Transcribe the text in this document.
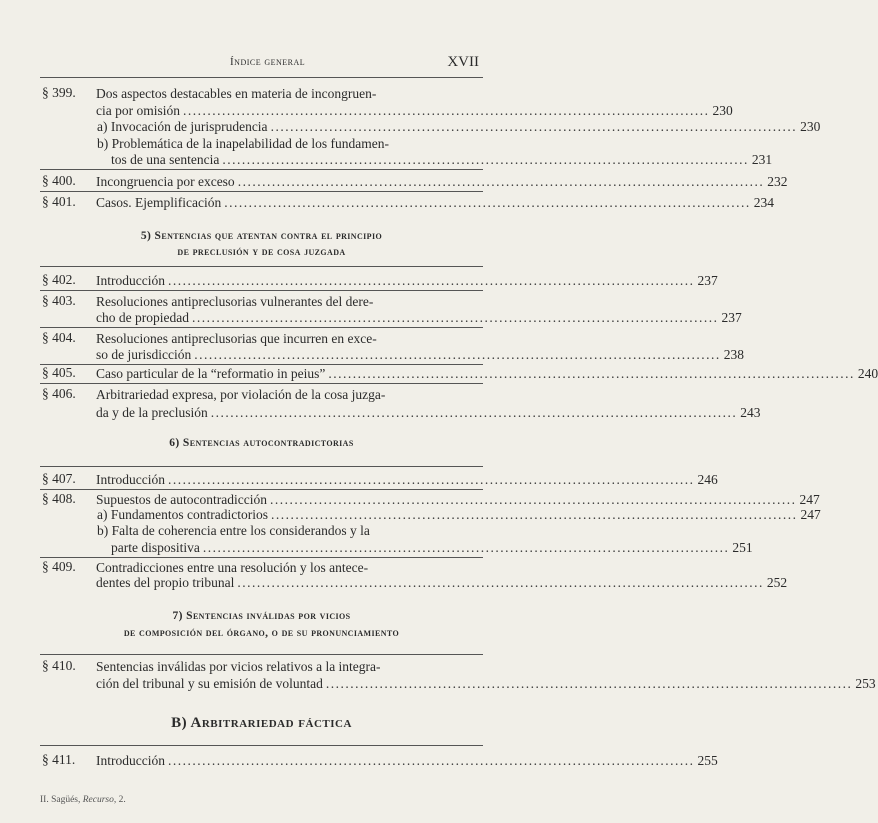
Índice general	XVII
§ 399.	Dos aspectos destacables en materia de incongruen-
cia por omisión ............................................................................................................ 230
a) Invocación de jurisprudencia ............................................................................................................ 230
b) Problemática de la inapelabilidad de los fundamen-
tos de una sentencia ............................................................................................................ 231
§ 400.	Incongruencia por exceso ............................................................................................................ 232
§ 401.	Casos. Ejemplificación ............................................................................................................ 234
5) Sentencias que atentan contra el principio
de preclusión y de cosa juzgada
§ 402.	Introducción ............................................................................................................ 237
§ 403.	Resoluciones antipreclusorias vulnerantes del dere-
cho de propiedad ............................................................................................................ 237
§ 404.	Resoluciones antipreclusorias que incurren en exce-
so de jurisdicción ............................................................................................................ 238
§ 405.	Caso particular de la “reformatio in peius” ............................................................................................................ 240
§ 406.	Arbitrariedad expresa, por violación de la cosa juzga-
da y de la preclusión ............................................................................................................ 243
6) Sentencias autocontradictorias
§ 407.	Introducción ............................................................................................................ 246
§ 408.	Supuestos de autocontradicción ............................................................................................................ 247
a) Fundamentos contradictorios ............................................................................................................ 247
b) Falta de coherencia entre los considerandos y la
parte dispositiva ............................................................................................................ 251
§ 409.	Contradicciones entre una resolución y los antece-
dentes del propio tribunal ............................................................................................................ 252
7) Sentencias inválidas por vicios
de composición del órgano, o de su pronunciamiento
§ 410.	Sentencias inválidas por vicios relativos a la integra-
ción del tribunal y su emisión de voluntad ............................................................................................................ 253
B) Arbitrariedad fáctica
§ 411.	Introducción ............................................................................................................ 255
II. Sagüés, Recurso, 2.
